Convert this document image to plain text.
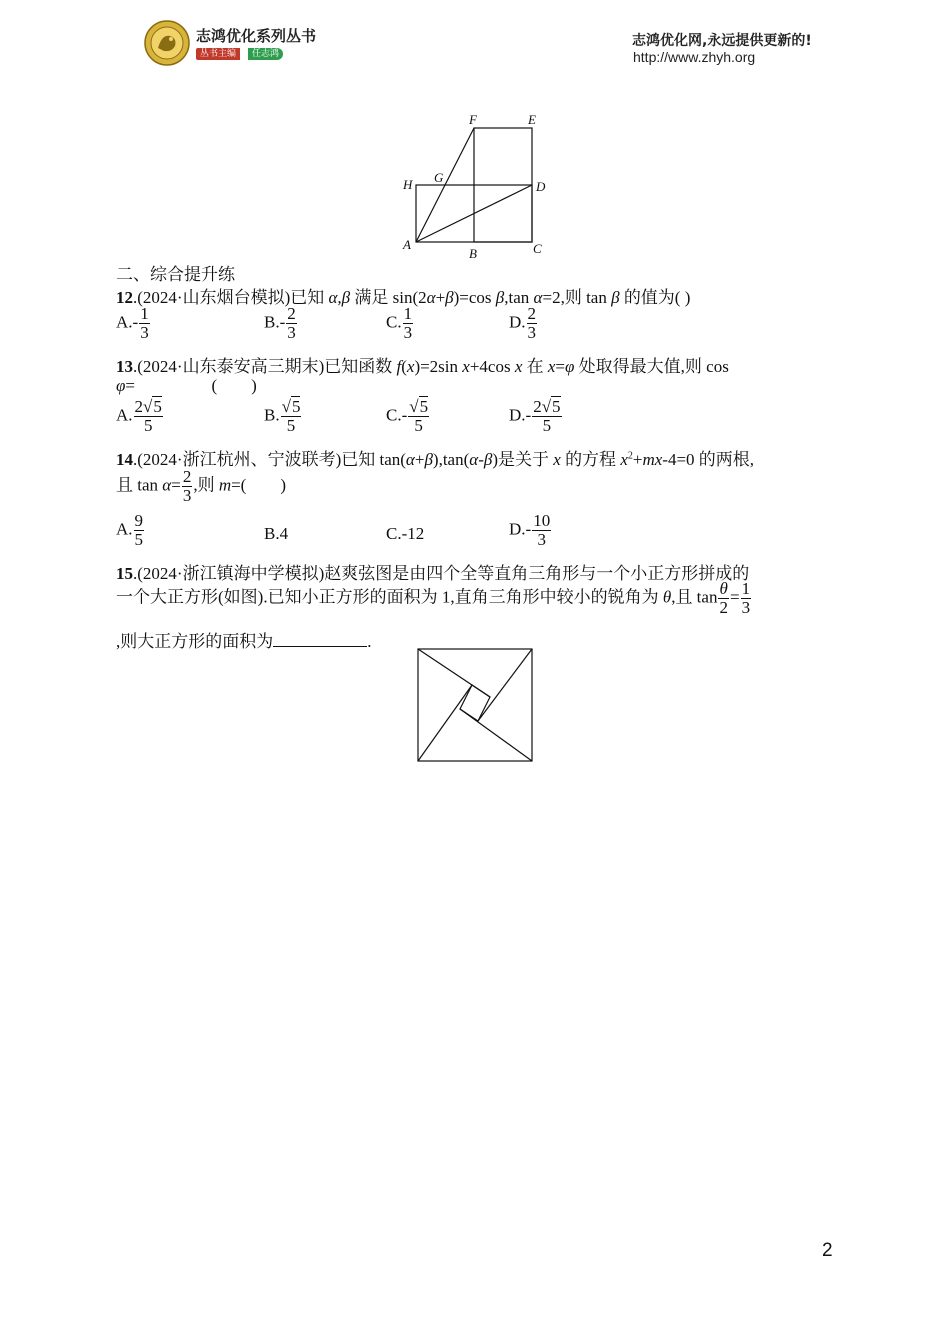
志鸿优化系列丛书
丛书主编	任志鸿
志鸿优化网,永远提供更新的!
http://www.zhyh.org
F	E
H G
D
A
B	C
二、综合提升练
12.(2024·山东烟台模拟)已知 α,β 满足 sin(2α+β)=cos β,tan α=2,则 tan β 的值为( )
$A.- \frac{1}{3}$	$B.- \frac{2}{3}$	C. $\frac{1}{3}$	D. $\frac{2}{3}$
13.(2024·山东泰安高三期末)已知函数 f(x)=2sin x+4cos x 在 x=φ 处取得最大值,则 cos
φ=                  (        )
A. $\frac{2√5}{5}$	B. $\frac{√5}{5}$	$C.- \frac{√5}{5}$	$D.- \frac{2√5}{5}$
14.(2024·浙江杭州、宁波联考)已知 tan(α+β),tan(α-β)是关于 x 的方程 $x^2+mx-4=0$ 的两根,
且 $\tan \alpha= \frac{2}{3}$ ,则 m=(        )
A. $\frac{9}{5}$	B.4	C.-12	$D.- \frac{10}{3}$
15.(2024·浙江镇海中学模拟)赵爽弦图是由四个全等直角三角形与一个小正方形拼成的
一个大正方形(如图).已知小正方形的面积为 1,直角三角形中较小的锐角为 θ,且 $\tan \frac{\theta}{2} = \frac{1}{3}$
,则大正方形的面积为	.
2
